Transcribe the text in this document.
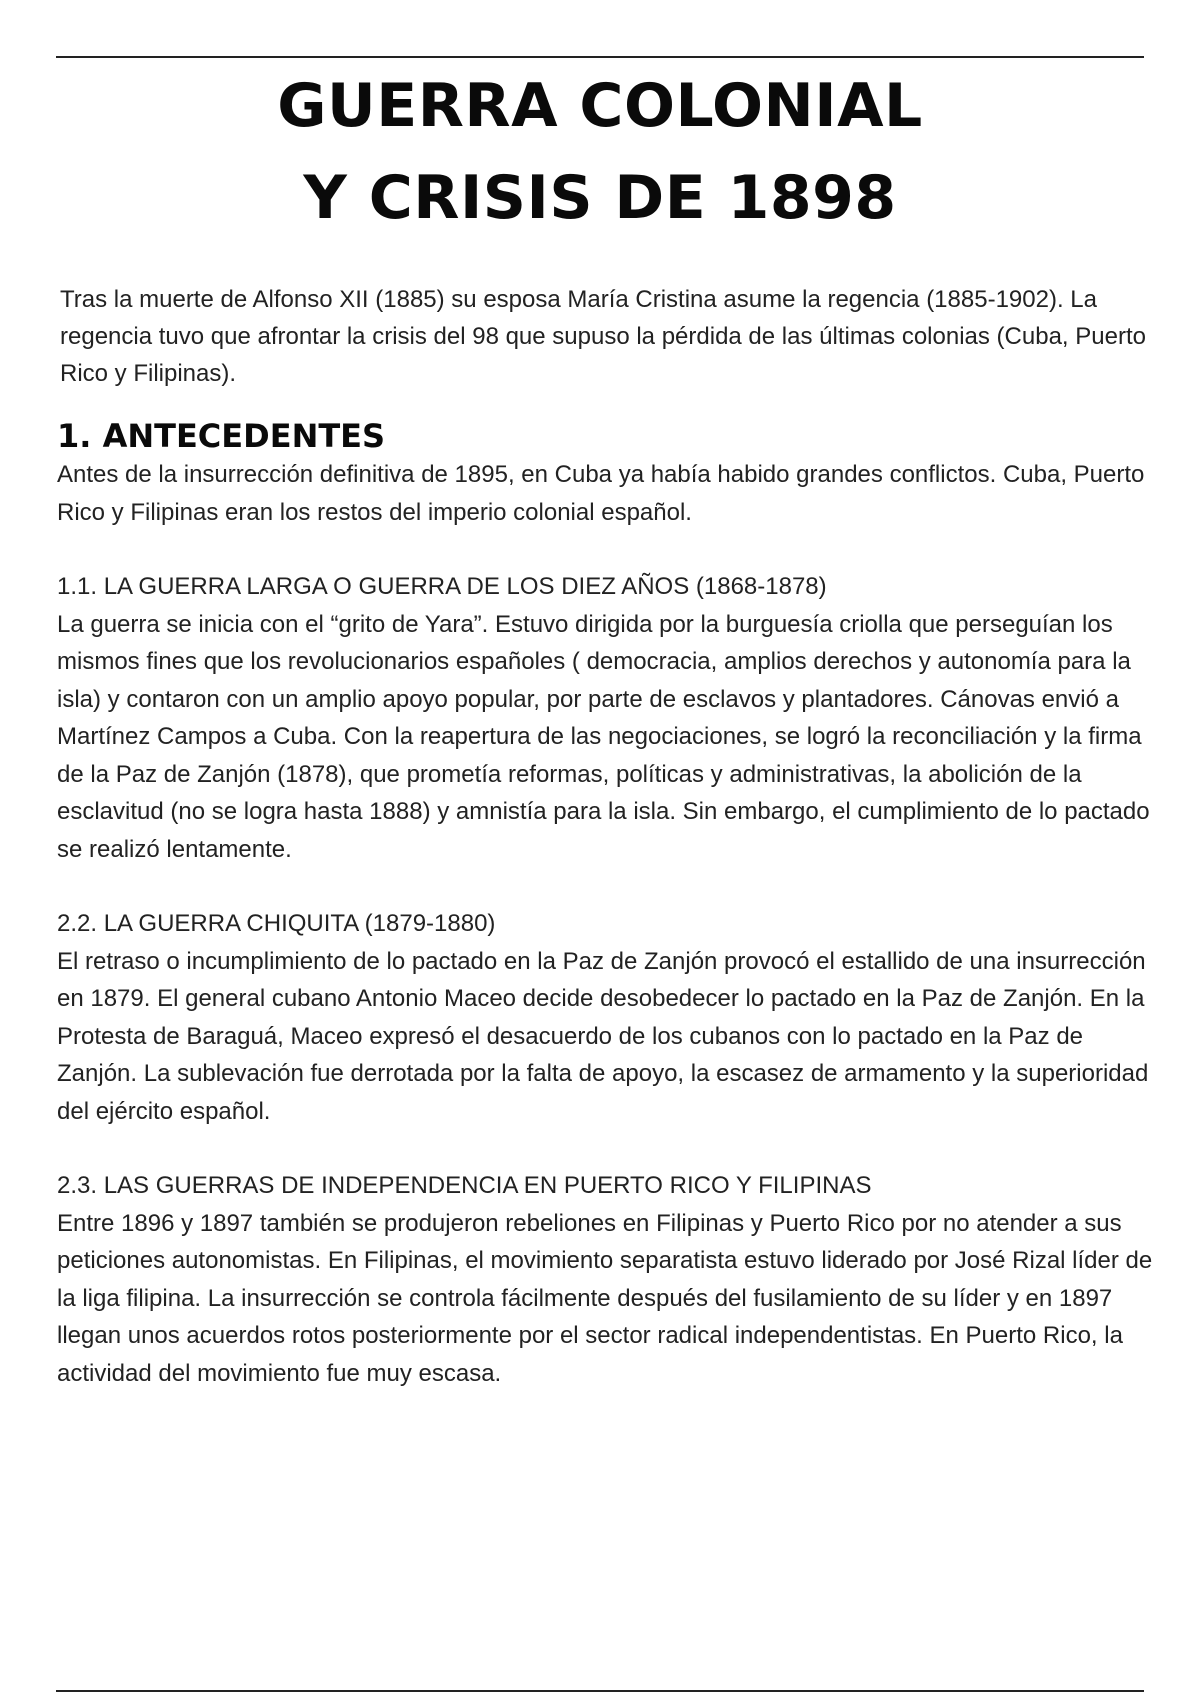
GUERRA COLONIAL
Y CRISIS DE 1898

Tras la muerte de Alfonso XII (1885) su esposa María Cristina asume la regencia (1885-1902). La regencia tuvo que afrontar la crisis del 98 que supuso la pérdida de las últimas colonias (Cuba, Puerto Rico y Filipinas).

1. ANTECEDENTES

Antes de la insurrección definitiva de 1895, en Cuba ya había habido grandes conflictos. Cuba, Puerto Rico y Filipinas eran los restos del imperio colonial español.

1.1. LA GUERRA LARGA O GUERRA DE LOS DIEZ AÑOS (1868-1878)

La guerra se inicia con el “grito de Yara”. Estuvo dirigida por la burguesía criolla que perseguían los mismos fines que los revolucionarios españoles ( democracia, amplios derechos y autonomía para la isla) y contaron con un amplio apoyo popular, por parte de esclavos y plantadores. Cánovas envió a Martínez Campos a Cuba. Con la reapertura de las negociaciones, se logró la reconciliación y la firma de la Paz de Zanjón (1878), que prometía reformas, políticas y administrativas, la abolición de la esclavitud (no se logra hasta 1888) y amnistía para la isla. Sin embargo, el cumplimiento de lo pactado se realizó lentamente.

2.2. LA GUERRA CHIQUITA (1879-1880)

El retraso o incumplimiento de lo pactado en la Paz de Zanjón provocó el estallido de una insurrección en 1879. El general cubano Antonio Maceo decide desobedecer lo pactado en la Paz de Zanjón. En la Protesta de Baraguá, Maceo expresó el desacuerdo de los cubanos con lo pactado en la Paz de Zanjón. La sublevación fue derrotada por la falta de apoyo, la escasez de armamento y la superioridad del ejército español.

2.3. LAS GUERRAS DE INDEPENDENCIA EN PUERTO RICO Y FILIPINAS

Entre 1896 y 1897 también se produjeron rebeliones en Filipinas y Puerto Rico por no atender a sus peticiones autonomistas. En Filipinas, el movimiento separatista estuvo liderado por José Rizal líder de la liga filipina. La insurrección se controla fácilmente después del fusilamiento de su líder y en 1897 llegan unos acuerdos rotos posteriormente por el sector radical independentistas. En Puerto Rico, la actividad del movimiento fue muy escasa.
